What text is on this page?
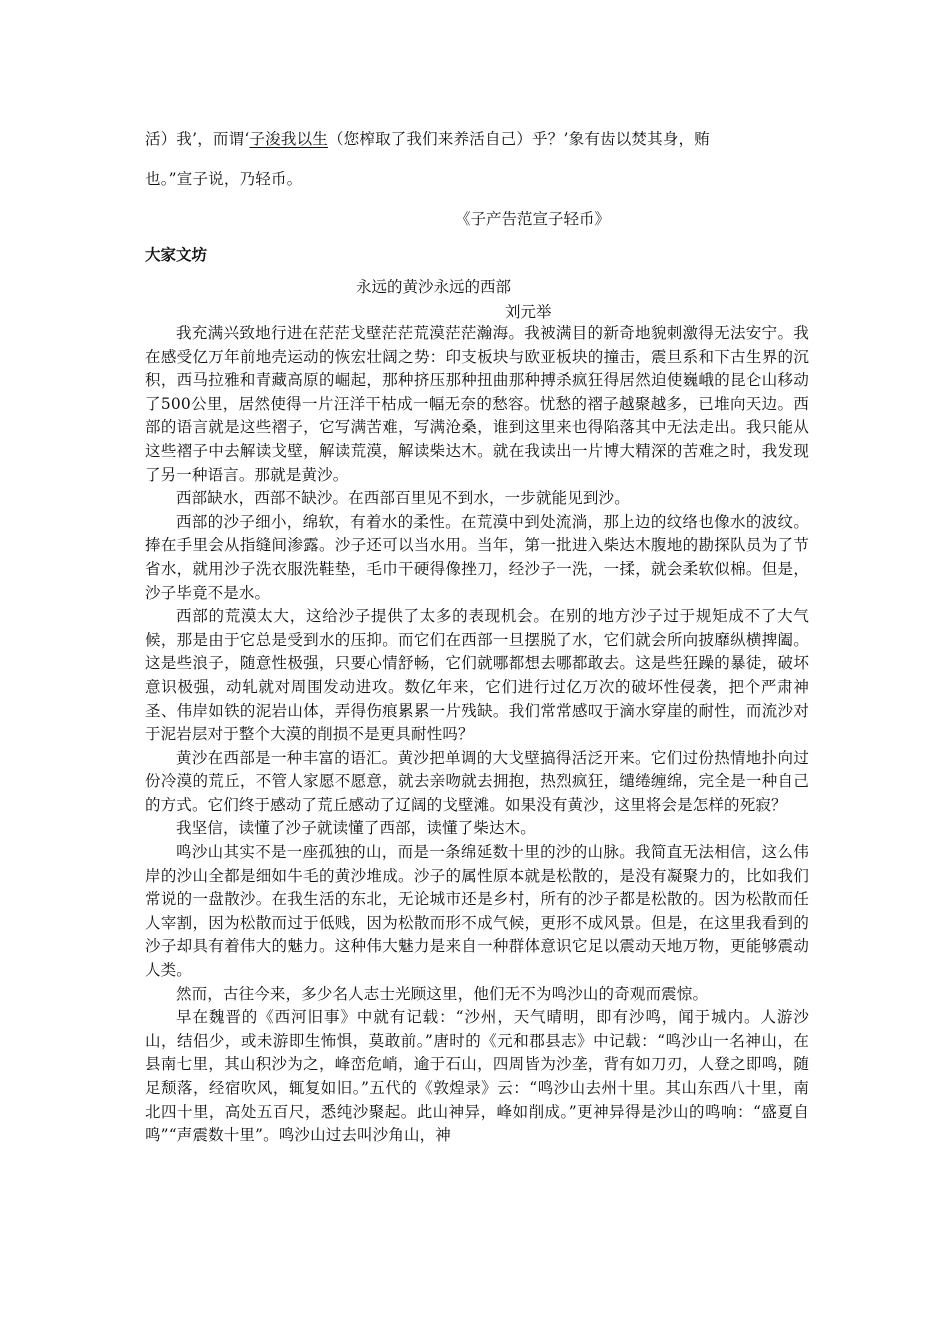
活）我’，而谓‘子浚我以生（您榨取了我们来养活自己）乎？’象有齿以焚其身，贿

也。”宣子说，乃轻币。

《子产告范宣子轻币》
大家文坊
永远的黄沙永远的西部
刘元举

我充满兴致地行进在茫茫戈壁茫茫荒漠茫茫瀚海。我被满目的新奇地貌刺激得无法安宁。我在感受亿万年前地壳运动的恢宏壮阔之势：印支板块与欧亚板块的撞击，震旦系和下古生界的沉积，西马拉雅和青藏高原的崛起，那种挤压那种扭曲那种搏杀疯狂得居然迫使巍峨的昆仑山移动了500公里，居然使得一片汪洋干枯成一幅无奈的愁容。忧愁的褶子越聚越多，已堆向天边。西部的语言就是这些褶子，它写满苦难，写满沧桑，谁到这里来也得陷落其中无法走出。我只能从这些褶子中去解读戈壁，解读荒漠，解读柴达木。就在我读出一片博大精深的苦难之时，我发现了另一种语言。那就是黄沙。

西部缺水，西部不缺沙。在西部百里见不到水，一步就能见到沙。

西部的沙子细小，绵软，有着水的柔性。在荒漠中到处流淌，那上边的纹络也像水的波纹。捧在手里会从指缝间渗露。沙子还可以当水用。当年，第一批进入柴达木腹地的勘探队员为了节省水，就用沙子洗衣服洗鞋垫，毛巾干硬得像挫刀，经沙子一洗，一揉，就会柔软似棉。但是，沙子毕竟不是水。

西部的荒漠太大，这给沙子提供了太多的表现机会。在别的地方沙子过于规矩成不了大气候，那是由于它总是受到水的压抑。而它们在西部一旦摆脱了水，它们就会所向披靡纵横捭阖。这是些浪子，随意性极强，只要心情舒畅，它们就哪都想去哪都敢去。这是些狂躁的暴徒，破坏意识极强，动轧就对周围发动进攻。数亿年来，它们进行过亿万次的破坏性侵袭，把个严肃神圣、伟岸如铁的泥岩山体，弄得伤痕累累一片残缺。我们常常感叹于滴水穿崖的耐性，而流沙对于泥岩层对于整个大漠的削损不是更具耐性吗？

黄沙在西部是一种丰富的语汇。黄沙把单调的大戈壁搞得活泛开来。它们过份热情地扑向过份冷漠的荒丘，不管人家愿不愿意，就去亲吻就去拥抱，热烈疯狂，缱绻缠绵，完全是一种自己的方式。它们终于感动了荒丘感动了辽阔的戈壁滩。如果没有黄沙，这里将会是怎样的死寂？

我坚信，读懂了沙子就读懂了西部，读懂了柴达木。

鸣沙山其实不是一座孤独的山，而是一条绵延数十里的沙的山脉。我简直无法相信，这么伟岸的沙山全都是细如牛毛的黄沙堆成。沙子的属性原本就是松散的，是没有凝聚力的，比如我们常说的一盘散沙。在我生活的东北，无论城市还是乡村，所有的沙子都是松散的。因为松散而任人宰割，因为松散而过于低贱，因为松散而形不成气候，更形不成风景。但是，在这里我看到的沙子却具有着伟大的魅力。这种伟大魅力是来自一种群体意识它足以震动天地万物，更能够震动人类。

然而，古往今来，多少名人志士光顾这里，他们无不为鸣沙山的奇观而震惊。

早在魏晋的《西河旧事》中就有记载：“沙州，天气晴明，即有沙鸣，闻于城内。人游沙山，结侣少，或未游即生怖惧，莫敢前。”唐时的《元和郡县志》中记载：“鸣沙山一名神山，在县南七里，其山积沙为之，峰峦危峭，逾于石山，四周皆为沙垄，背有如刀刃，人登之即鸣，随足颓落，经宿吹风，辄复如旧。”五代的《敦煌录》云：“鸣沙山去州十里。其山东西八十里，南北四十里，高处五百尺，悉纯沙聚起。此山神异，峰如削成。”更神异得是沙山的鸣响：“盛夏自鸣”“声震数十里”。鸣沙山过去叫沙角山，神
